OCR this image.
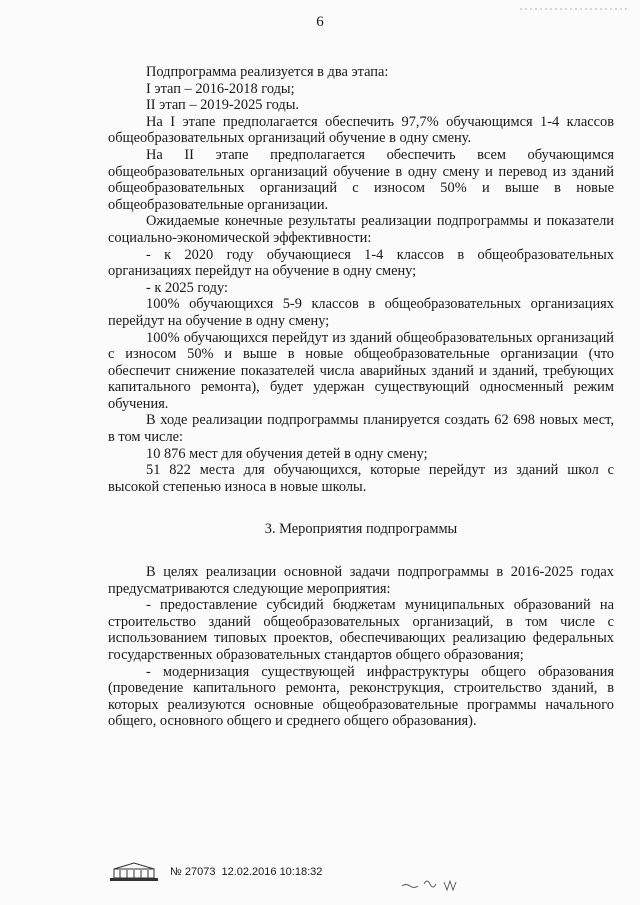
6

Подпрограмма реализуется в два этапа:

I этап – 2016-2018 годы;

II этап – 2019-2025 годы.

На I этапе предполагается обеспечить 97,7% обучающимся 1-4 классов общеобразовательных организаций обучение в одну смену.

На II этапе предполагается обеспечить всем обучающимся общеобразовательных организаций обучение в одну смену и перевод из зданий общеобразовательных организаций с износом 50% и выше в новые общеобразовательные организации.

Ожидаемые конечные результаты реализации подпрограммы и показатели социально-экономической эффективности:

- к 2020 году обучающиеся 1-4 классов в общеобразовательных организациях перейдут на обучение в одну смену;

- к 2025 году:

100% обучающихся 5-9 классов в общеобразовательных организациях перейдут на обучение в одну смену;

100% обучающихся перейдут из зданий общеобразовательных организаций с износом 50% и выше в новые общеобразовательные организации (что обеспечит снижение показателей числа аварийных зданий и зданий, требующих капитального ремонта), будет удержан существующий односменный режим обучения.

В ходе реализации подпрограммы планируется создать 62 698 новых мест, в том числе:

10 876 мест для обучения детей в одну смену;

51 822 места для обучающихся, которые перейдут из зданий школ с высокой степенью износа в новые школы.

3. Мероприятия подпрограммы

В целях реализации основной задачи подпрограммы в 2016-2025 годах предусматриваются следующие мероприятия:

- предоставление субсидий бюджетам муниципальных образований на строительство зданий общеобразовательных организаций, в том числе с использованием типовых проектов, обеспечивающих реализацию федеральных государственных образовательных стандартов общего образования;

- модернизация существующей инфраструктуры общего образования (проведение капитального ремонта, реконструкция, строительство зданий, в которых реализуются основные общеобразовательные программы начального общего, основного общего и среднего общего образования).

№ 27073 12.02.2016 10:18:32
